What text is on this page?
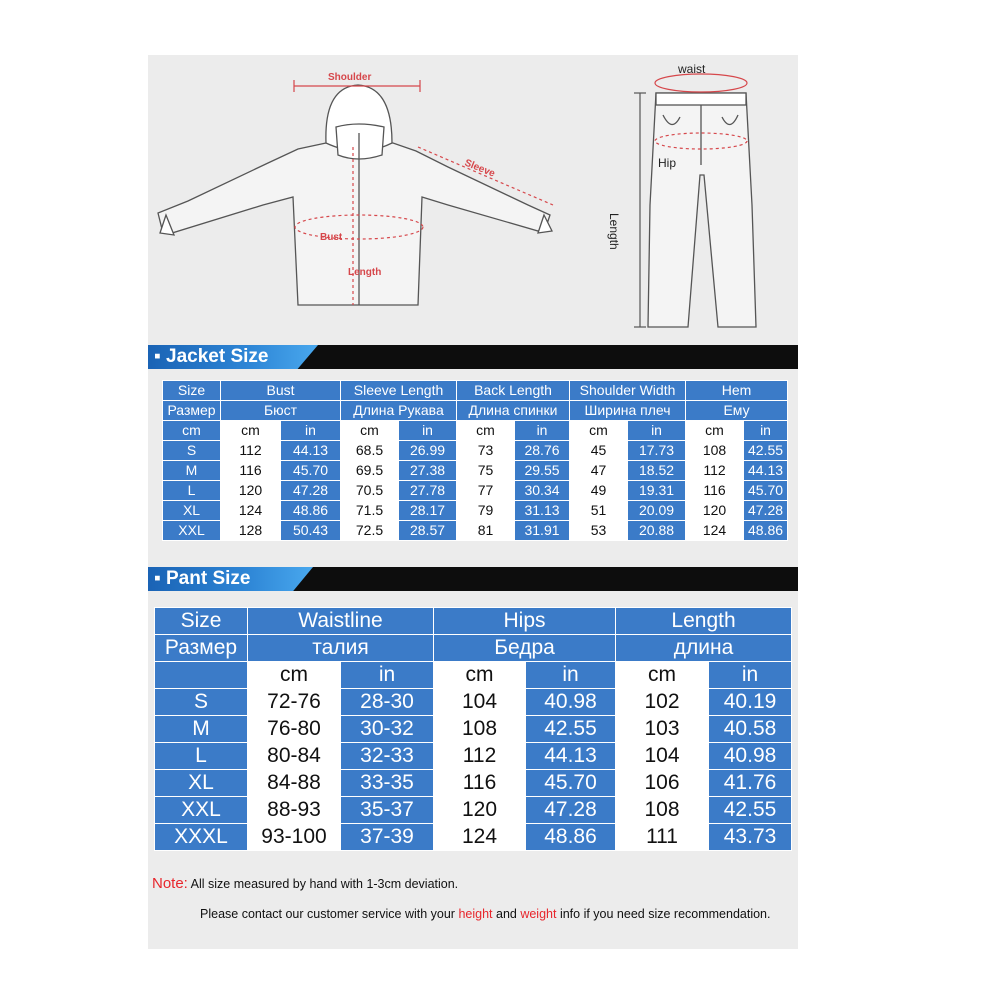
Shoulder
Sleeve
Bust
Length
waist
Hip
Length
▪ Jacket Size
Size	Bust		Sleeve Length		Back Length		Shoulder Width		Hem	
Размер	Бюст		Длина Рукава		Длина спинки		Ширина плеч		Ему	
cm	cm	in	cm	in	cm	in	cm	in	cm	in
S	112	44.13	68.5	26.99	73	28.76	45	17.73	108	42.55
M	116	45.70	69.5	27.38	75	29.55	47	18.52	112	44.13
L	120	47.28	70.5	27.78	77	30.34	49	19.31	116	45.70
XL	124	48.86	71.5	28.17	79	31.13	51	20.09	120	47.28
XXL	128	50.43	72.5	28.57	81	31.91	53	20.88	124	48.86
▪ Pant Size
Size	Waistline		Hips		Length	
Размер	талия		Бедра		длина	
	cm	in	cm	in	cm	in
S	72-76	28-30	104	40.98	102	40.19
M	76-80	30-32	108	42.55	103	40.58
L	80-84	32-33	112	44.13	104	40.98
XL	84-88	33-35	116	45.70	106	41.76
XXL	88-93	35-37	120	47.28	108	42.55
XXXL	93-100	37-39	124	48.86	111	43.73
Note: All size measured by hand with 1-3cm deviation.
Please contact our customer service with your height and weight info if you need size recommendation.
